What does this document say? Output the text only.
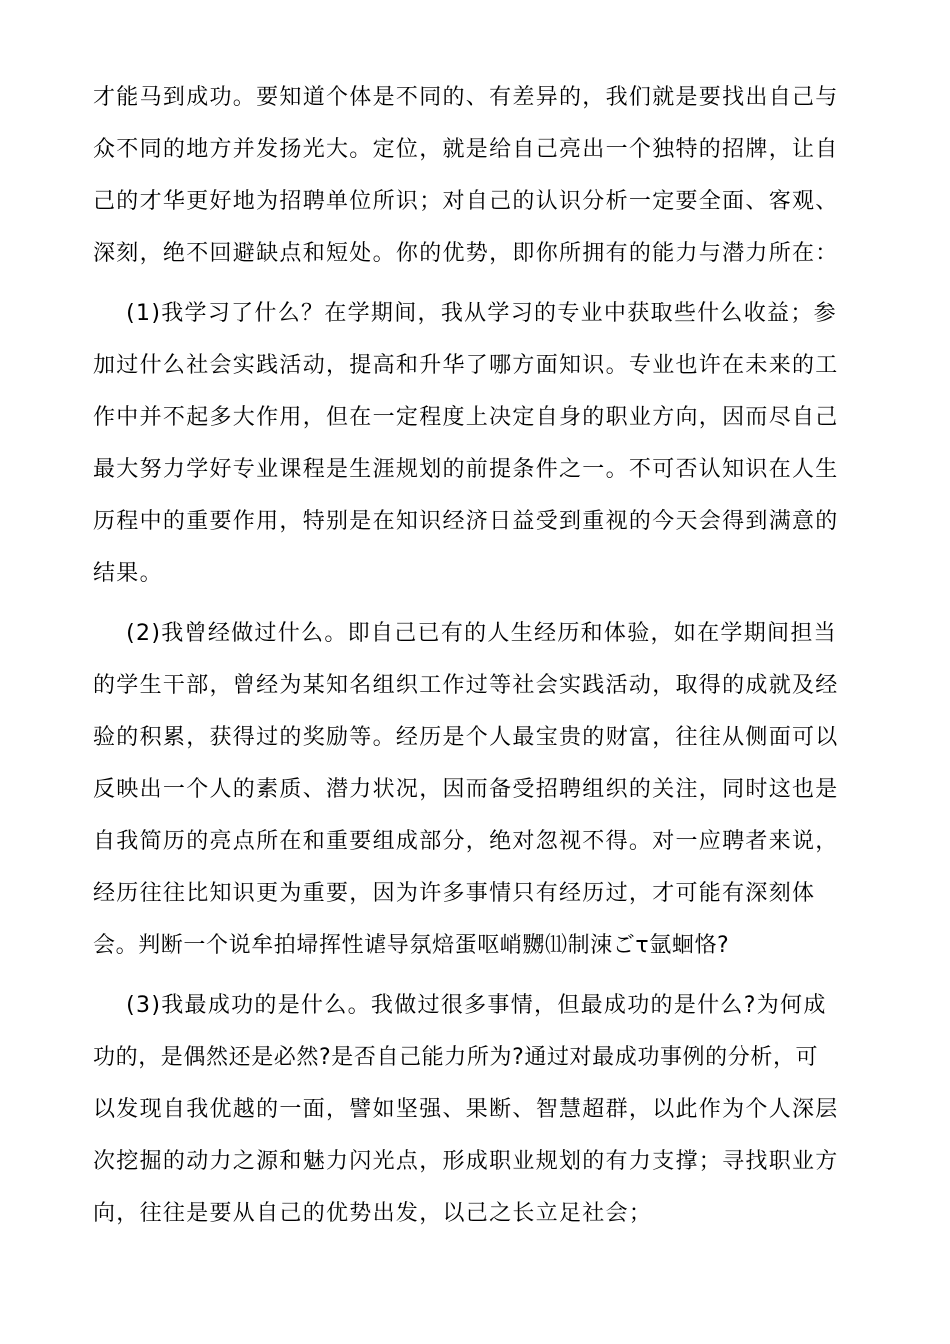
才能马到成功。要知道个体是不同的、有差异的，我们就是要找出自己与
众不同的地方并发扬光大。定位，就是给自己亮出一个独特的招牌，让自
己的才华更好地为招聘单位所识；对自己的认识分析一定要全面、客观、
深刻，绝不回避缺点和短处。你的优势，即你所拥有的能力与潜力所在：
(1)我学习了什么？在学期间，我从学习的专业中获取些什么收益；参
加过什么社会实践活动，提高和升华了哪方面知识。专业也许在未来的工
作中并不起多大作用，但在一定程度上决定自身的职业方向，因而尽自己
最大努力学好专业课程是生涯规划的前提条件之一。不可否认知识在人生
历程中的重要作用，特别是在知识经济日益受到重视的今天会得到满意的
结果。
(2)我曾经做过什么。即自己已有的人生经历和体验，如在学期间担当
的学生干部，曾经为某知名组织工作过等社会实践活动，取得的成就及经
验的积累，获得过的奖励等。经历是个人最宝贵的财富，往往从侧面可以
反映出一个人的素质、潜力状况，因而备受招聘组织的关注，同时这也是
自我简历的亮点所在和重要组成部分，绝对忽视不得。对一应聘者来说，
经历往往比知识更为重要，因为许多事情只有经历过，才可能有深刻体
会。判断一个说牟拍埽挥性谑导氛焙蛋呕峭嬲⑾制涑ごτ氩蛔恪?
(3)我最成功的是什么。我做过很多事情，但最成功的是什么?为何成
功的，是偶然还是必然?是否自己能力所为?通过对最成功事例的分析，可
以发现自我优越的一面，譬如坚强、果断、智慧超群，以此作为个人深层
次挖掘的动力之源和魅力闪光点，形成职业规划的有力支撑；寻找职业方
向，往往是要从自己的优势出发，以己之长立足社会；
